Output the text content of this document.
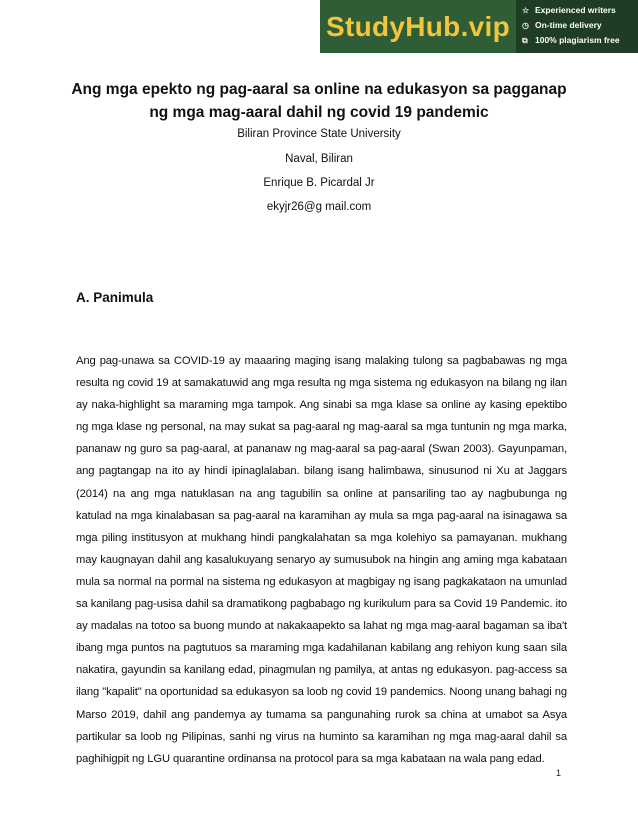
StudyHub.vip ☆ Experienced writers
◷ On-time delivery
⧉ 100% plagiarism free
Ang mga epekto ng pag-aaral sa online na edukasyon sa pagganap ng mga mag-aaral dahil ng covid 19 pandemic
Biliran Province State University
Naval, Biliran
Enrique B. Picardal Jr
ekyjr26@g mail.com
A. Panimula
Ang pag-unawa sa COVID-19 ay maaaring maging isang malaking tulong sa pagbabawas ng mga resulta ng covid 19 at samakatuwid ang mga resulta ng mga sistema ng edukasyon na bilang ng ilan ay naka-highlight sa maraming mga tampok. Ang sinabi sa mga klase sa online ay kasing epektibo ng mga klase ng personal, na may sukat sa pag-aaral ng mag-aaral sa mga tuntunin ng mga marka, pananaw ng guro sa pag-aaral, at pananaw ng mag-aaral sa pag-aaral (Swan 2003). Gayunpaman, ang pagtangap na ito ay hindi ipinaglalaban. bilang isang halimbawa, sinusunod ni Xu at Jaggars (2014) na ang mga natuklasan na ang tagubilin sa online at pansariling tao ay nagbubunga ng katulad na mga kinalabasan sa pag-aaral na karamihan ay mula sa mga pag-aaral na isinagawa sa mga piling institusyon at mukhang hindi pangkalahatan sa mga kolehiyo sa pamayanan. mukhang may kaugnayan dahil ang kasalukuyang senaryo ay sumusubok na hingin ang aming mga kabataan mula sa normal na pormal na sistema ng edukasyon at magbigay ng isang pagkakataon na umunlad sa kanilang pag-usisa dahil sa dramatikong pagbabago ng kurikulum para sa Covid 19 Pandemic. ito ay madalas na totoo sa buong mundo at nakakaapekto sa lahat ng mga mag-aaral bagaman sa iba't ibang mga puntos na pagtutuos sa maraming mga kadahilanan kabilang ang rehiyon kung saan sila nakatira, gayundin sa kanilang edad, pinagmulan ng pamilya, at antas ng edukasyon. pag-access sa ilang "kapalit" na oportunidad sa edukasyon sa loob ng covid 19 pandemics. Noong unang bahagi ng Marso 2019, dahil ang pandemya ay tumama sa pangunahing rurok sa china at umabot sa Asya partikular sa loob ng Pilipinas, sanhi ng virus na huminto sa karamihan ng mga mag-aaral dahil sa paghihigpit ng LGU quarantine ordinansa na protocol para sa mga kabataan na wala pang edad.
1
